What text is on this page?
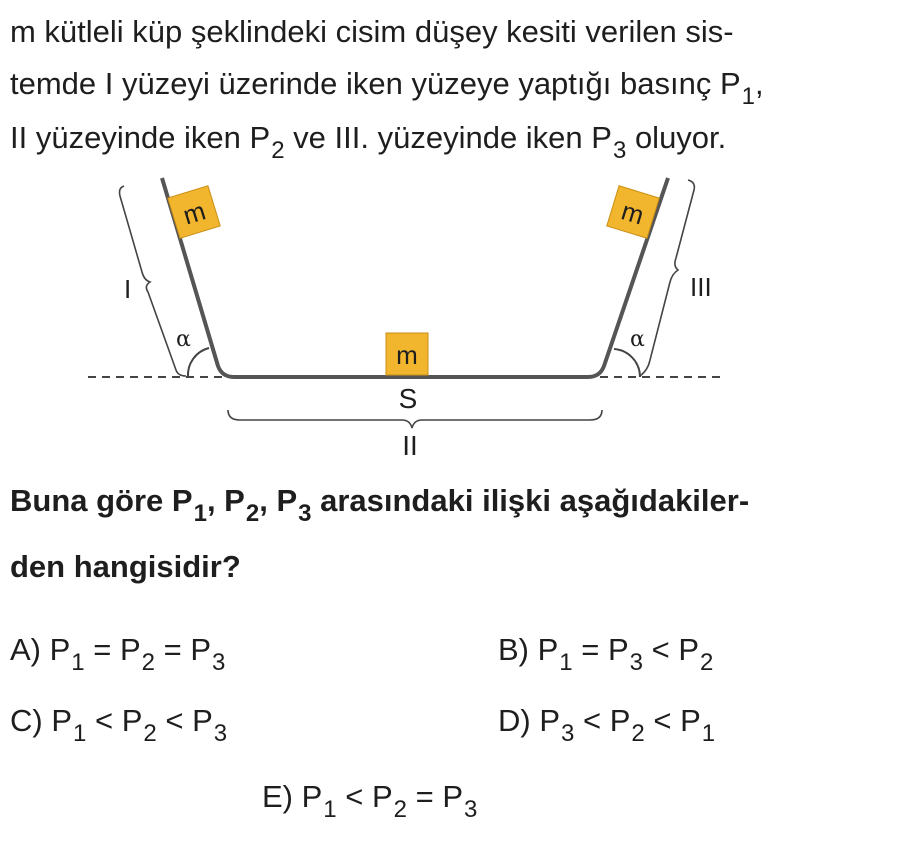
m kütleli küp şeklindeki cisim düşey kesiti verilen sis-
temde I yüzeyi üzerinde iken yüzeye yaptığı basınç $P_1$,
II yüzeyinde iken $P_2$ ve III. yüzeyinde iken $P_3$ oluyor.
m	m
m
I	III
II
S
α	α
Buna göre $P_1$, $P_2$, $P_3$ arasındaki ilişki aşağıdakiler-
den hangisidir?
A) $P_1 = P_2 = P_3$	B) $P_1 = P_3 < P_2$
C) $P_1 < P_2 < P_3$	D) $P_3 < P_2 < P_1$
E) $P_1 < P_2 = P_3$
